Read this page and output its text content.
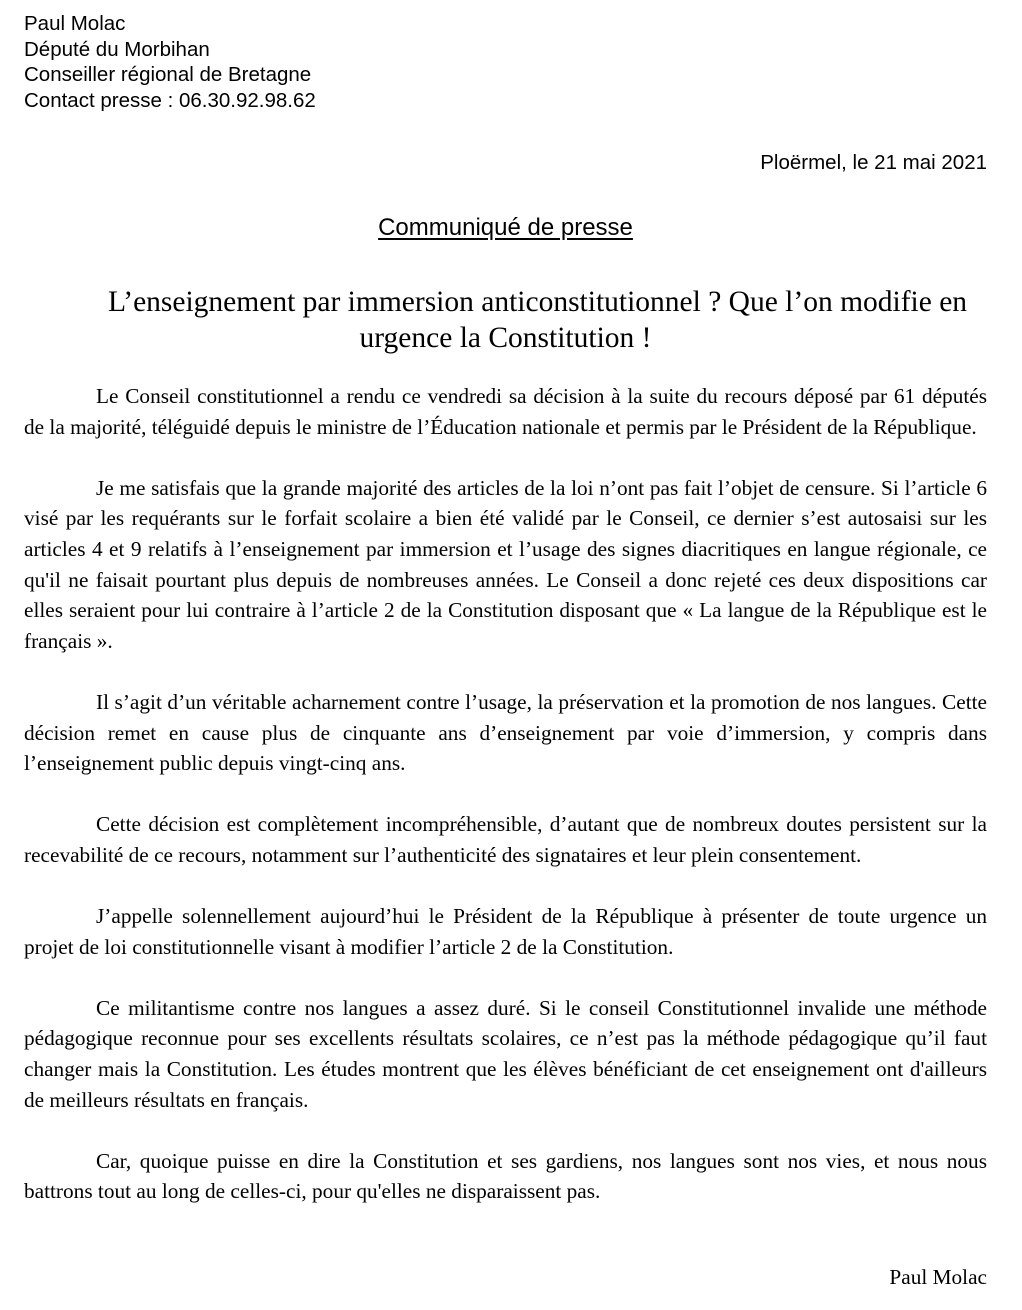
Paul Molac
Député du Morbihan
Conseiller régional de Bretagne
Contact presse : 06.30.92.98.62
Ploërmel, le 21 mai 2021
Communiqué de presse
L’enseignement par immersion anticonstitutionnel ? Que l’on modifie en urgence la Constitution !

Le Conseil constitutionnel a rendu ce vendredi sa décision à la suite du recours déposé par 61 députés de la majorité, téléguidé depuis le ministre de l’Éducation nationale et permis par le Président de la République.

Je me satisfais que la grande majorité des articles de la loi n’ont pas fait l’objet de censure. Si l’article 6 visé par les requérants sur le forfait scolaire a bien été validé par le Conseil, ce dernier s’est autosaisi sur les articles 4 et 9 relatifs à l’enseignement par immersion et l’usage des signes diacritiques en langue régionale, ce qu'il ne faisait pourtant plus depuis de nombreuses années. Le Conseil a donc rejeté ces deux dispositions car elles seraient pour lui contraire à l’article 2 de la Constitution disposant que « La langue de la République est le français ».

Il s’agit d’un véritable acharnement contre l’usage, la préservation et la promotion de nos langues. Cette décision remet en cause plus de cinquante ans d’enseignement par voie d’immersion, y compris dans l’enseignement public depuis vingt-cinq ans.

Cette décision est complètement incompréhensible, d’autant que de nombreux doutes persistent sur la recevabilité de ce recours, notamment sur l’authenticité des signataires et leur plein consentement.

J’appelle solennellement aujourd’hui le Président de la République à présenter de toute urgence un projet de loi constitutionnelle visant à modifier l’article 2 de la Constitution.

Ce militantisme contre nos langues a assez duré. Si le conseil Constitutionnel invalide une méthode pédagogique reconnue pour ses excellents résultats scolaires, ce n’est pas la méthode pédagogique qu’il faut changer mais la Constitution. Les études montrent que les élèves bénéficiant de cet enseignement ont d'ailleurs de meilleurs résultats en français.

Car, quoique puisse en dire la Constitution et ses gardiens, nos langues sont nos vies, et nous nous battrons tout au long de celles-ci, pour qu'elles ne disparaissent pas.

Paul Molac
